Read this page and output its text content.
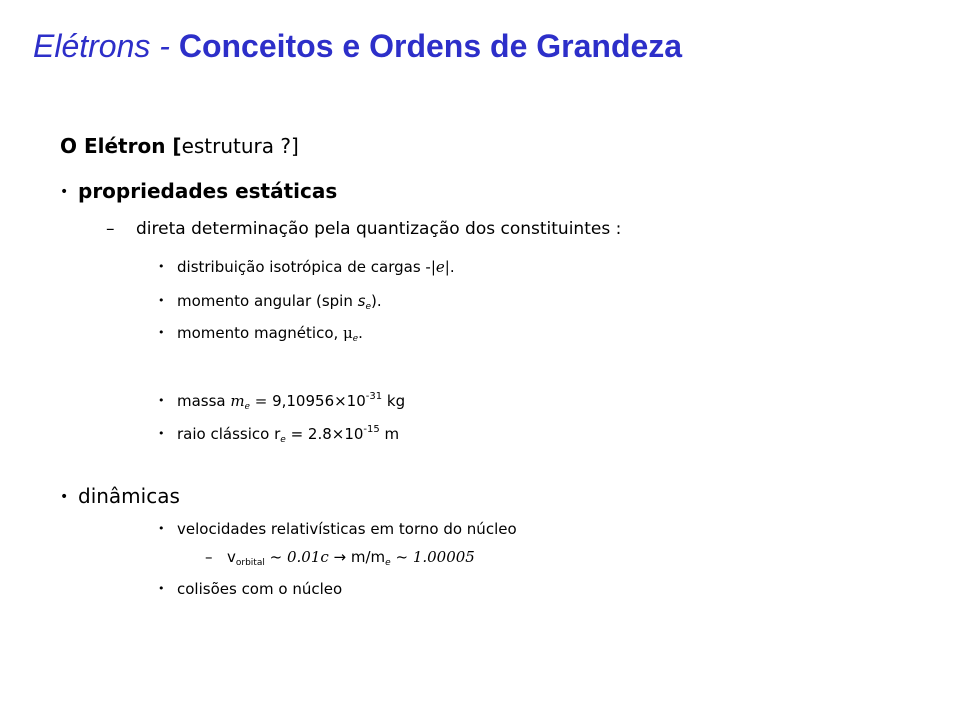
Elétrons - Conceitos e Ordens de Grandeza
O Elétron [estrutura ?]
• propriedades estáticas
– direta determinação pela quantização dos constituintes :
• distribuição isotrópica de cargas -|e|.
• momento angular (spin $s_e$).
• momento magnético, $\mu_e$.
• massa $m_e = 9,10956\times 10^{-31}$ kg
• raio clássico $r_e = 2.8\times 10^{-15}$ m
• dinâmicas
• velocidades relativísticas em torno do núcleo
– $v_{orbital}$ ~ $0.01c \to m/m_e$ ~ 1.00005
• colisões com o núcleo
